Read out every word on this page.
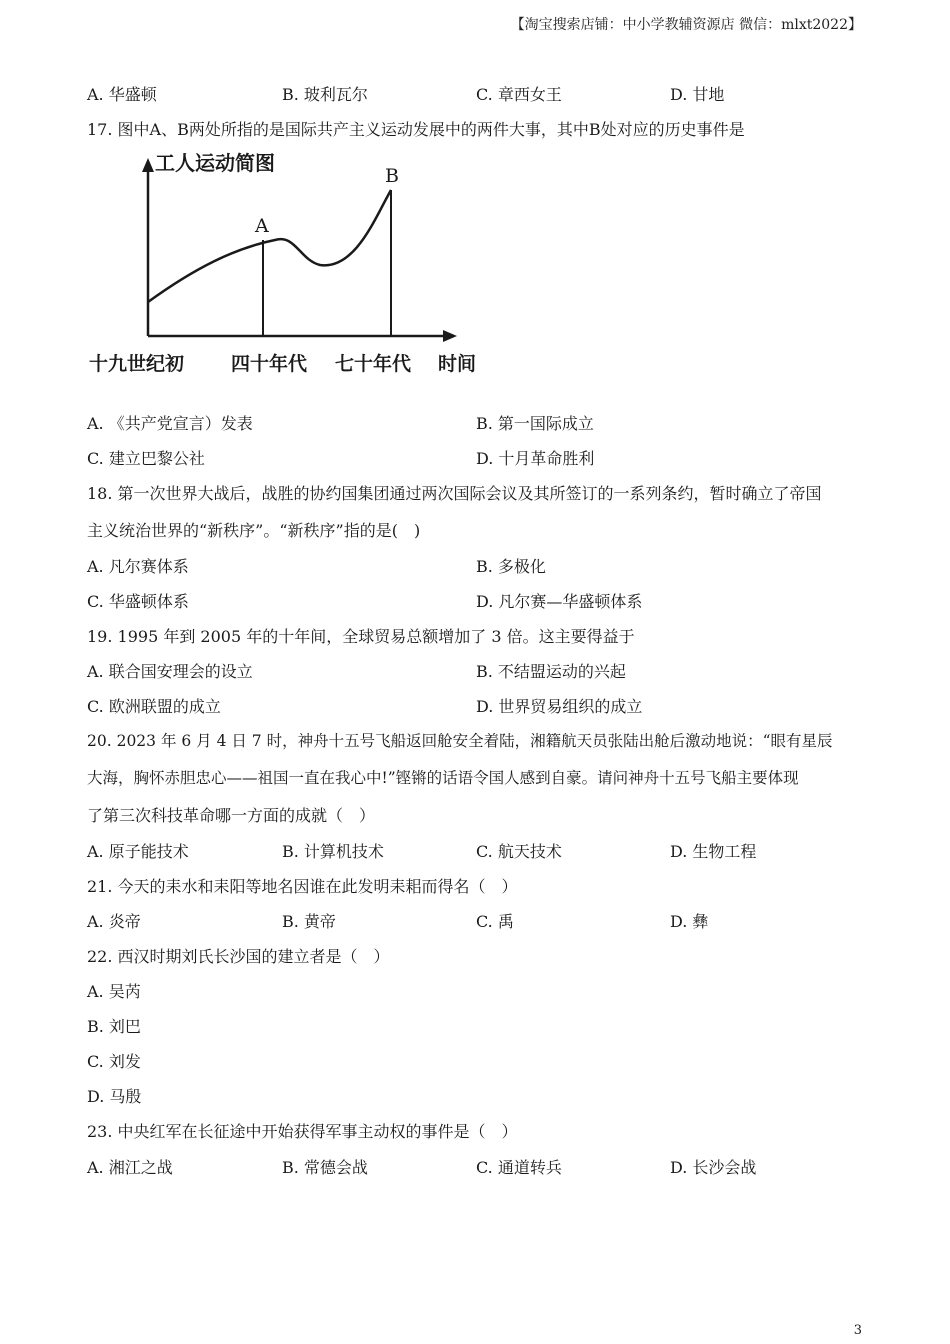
【淘宝搜索店铺：中小学教辅资源店 微信：mlxt2022】
A. 华盛顿	B. 玻利瓦尔	C. 章西女王	D. 甘地
17. 图中A、B两处所指的是国际共产主义运动发展中的两件大事，其中B处对应的历史事件是
工人运动简图
A
B
十九世纪初 四十年代 七十年代 时间
A. 《共产党宣言）发表	B. 第一国际成立
C. 建立巴黎公社	D. 十月革命胜利
18. 第一次世界大战后，战胜的协约国集团通过两次国际会议及其所签订的一系列条约，暂时确立了帝国
主义统治世界的“新秩序”。“新秩序”指的是(　)
A. 凡尔赛体系	B. 多极化
C. 华盛顿体系	D. 凡尔赛—华盛顿体系
19. 1995 年到 2005 年的十年间，全球贸易总额增加了 3 倍。这主要得益于
A. 联合国安理会的设立	B. 不结盟运动的兴起
C. 欧洲联盟的成立	D. 世界贸易组织的成立
20. 2023 年 6 月 4 日 7 时，神舟十五号飞船返回舱安全着陆，湘籍航天员张陆出舱后激动地说：“眼有星辰
大海，胸怀赤胆忠心——祖国一直在我心中!”铿锵的话语令国人感到自豪。请问神舟十五号飞船主要体现
了第三次科技革命哪一方面的成就（　）
A. 原子能技术	B. 计算机技术	C. 航天技术	D. 生物工程
21. 今天的耒水和耒阳等地名因谁在此发明耒耜而得名（　）
A. 炎帝	B. 黄帝	C. 禹	D. 彝
22. 西汉时期刘氏长沙国的建立者是（　）
A. 吴芮
B. 刘巴
C. 刘发
D. 马殷
23. 中央红军在长征途中开始获得军事主动权的事件是（　）
A. 湘江之战	B. 常德会战	C. 通道转兵	D. 长沙会战
3
